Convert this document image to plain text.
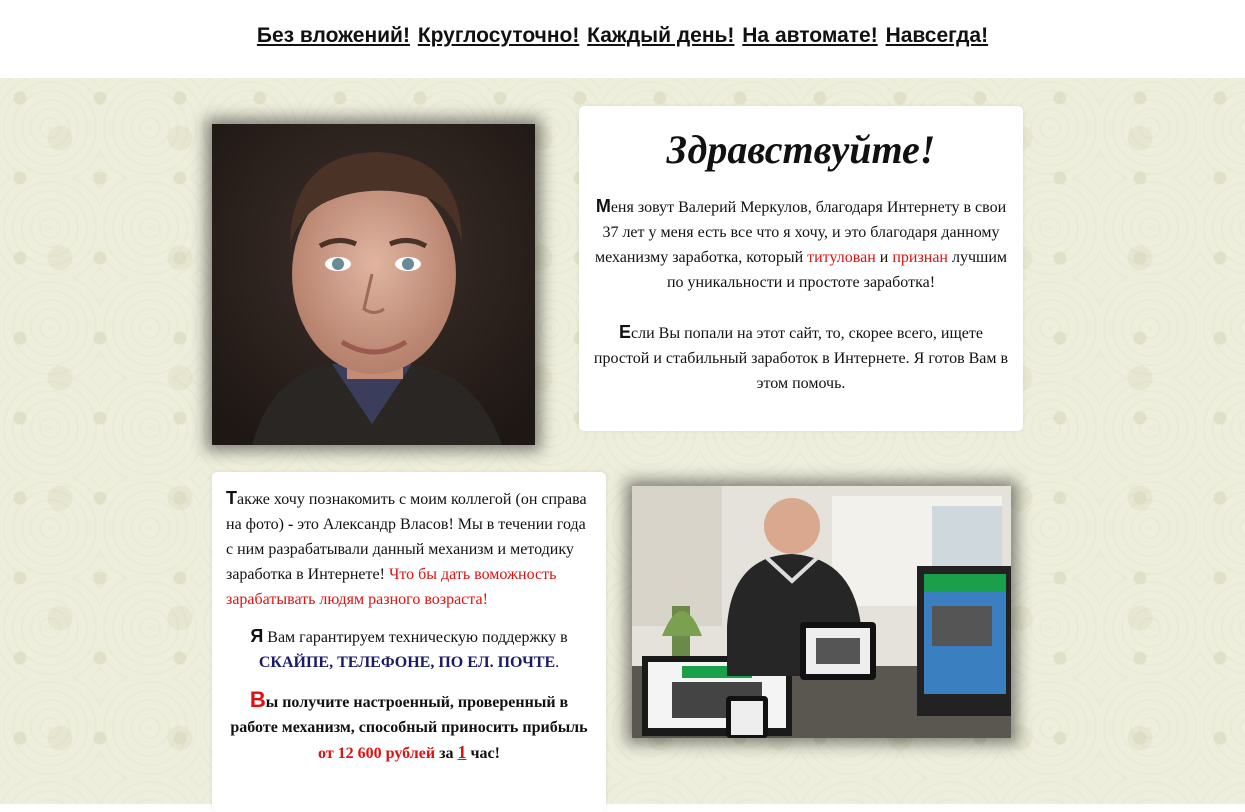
Без вложений! Круглосуточно! Каждый день! На автомате! Навсегда!
Здравствуйте!
Меня зовут Валерий Меркулов, благодаря Интернету в свои 37 лет у меня есть все что я хочу, и это благодаря данному механизму заработка, который титулован и признан лучшим по уникальности и простоте заработка!

Если Вы попали на этот сайт, то, скорее всего, ищете простой и стабильный заработок в Интернете. Я готов Вам в этом помочь.

Также хочу познакомить с моим коллегой (он справа на фото) - это Александр Власов! Мы в течении года с ним разрабатывали данный механизм и методику заработка в Интернете! Что бы дать воможность зарабатывать людям разного возраста!

Я Вам гарантируем техническую поддержку в СКАЙПЕ, ТЕЛЕФОНЕ, ПО ЕЛ. ПОЧТЕ.

Вы получите настроенный, проверенный в работе механизм, способный приносить прибыль от 12 600 рублей за 1 час!
